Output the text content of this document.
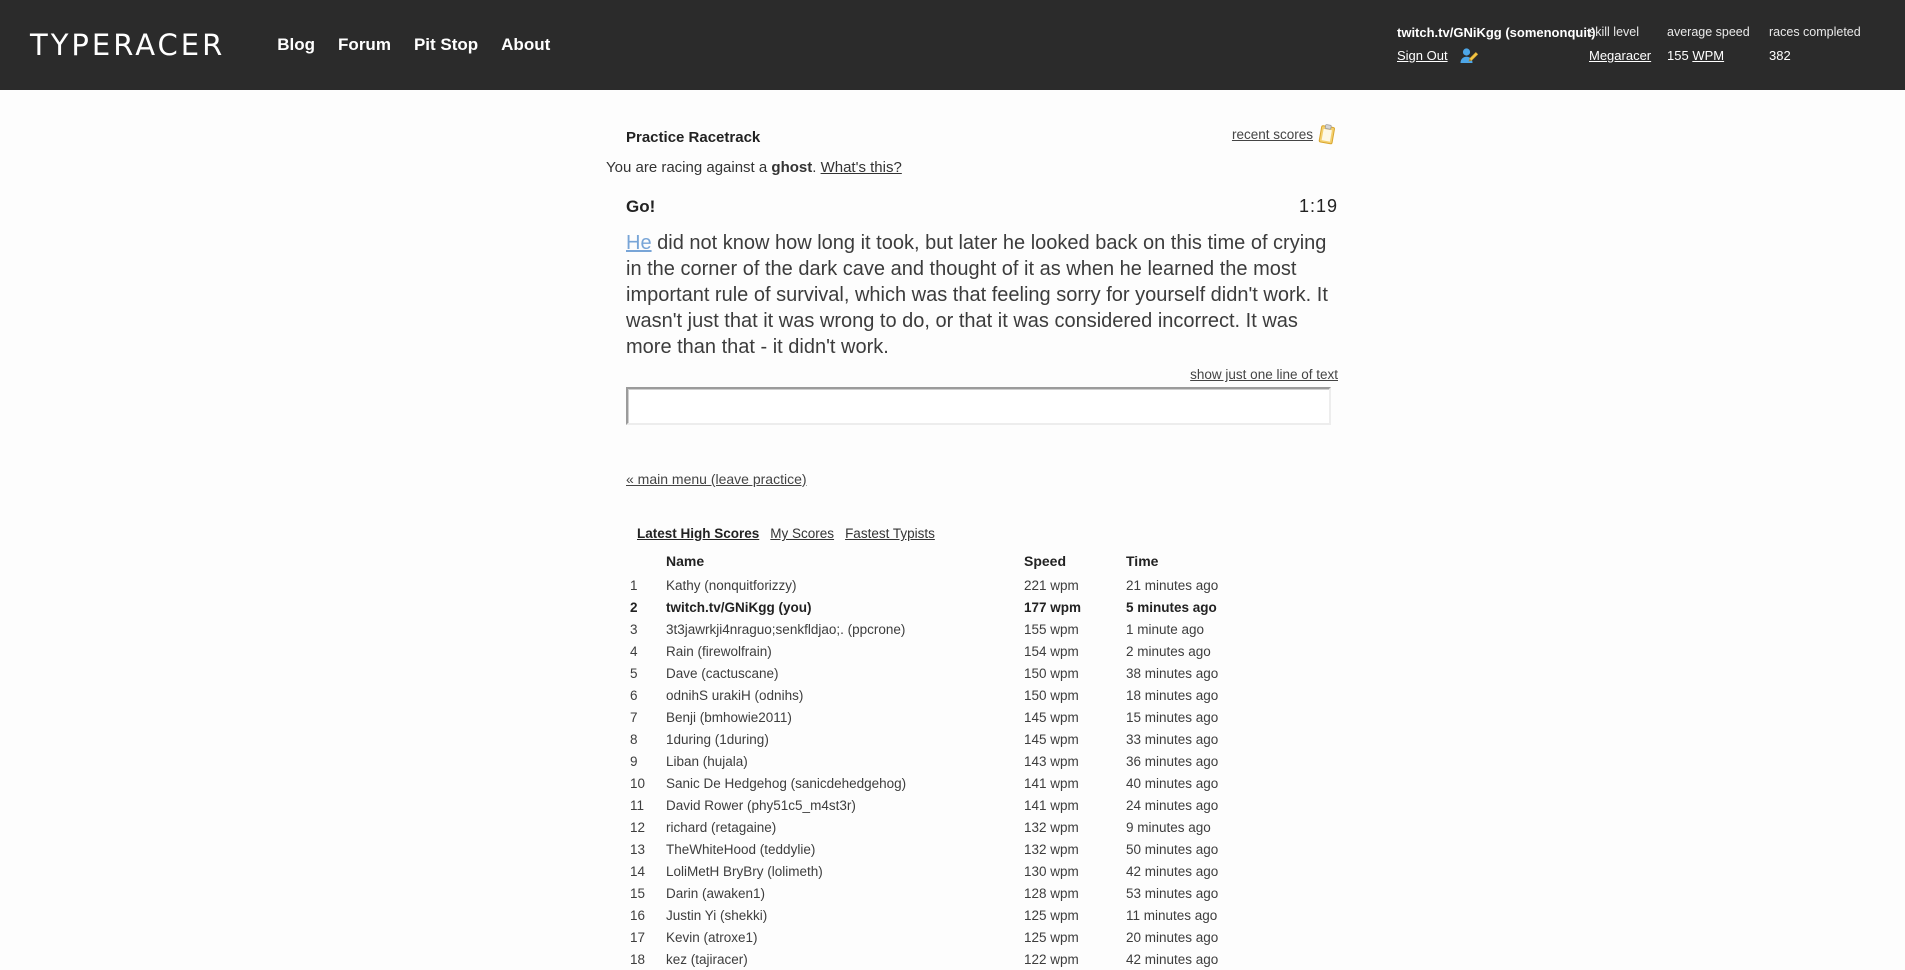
TYPERACER	Blog Forum Pit Stop About
twitch.tv/GNiKgg (somenonquit)
skill level	average speed	races completed
Sign Out	Megaracer 155 WPM	382
Practice Racetrack	recent scores
You are racing against a ghost. What's this?
Go!	1:19

He did not know how long it took, but later he looked back on this time of crying in the corner of the dark cave and thought of it as when he learned the most important rule of survival, which was that feeling sorry for yourself didn't work. It wasn't just that it was wrong to do, or that it was considered incorrect. It was more than that - it didn't work.

show just one line of text
« main menu (leave practice)
Latest High Scores My Scores Fastest Typists
	Name	Speed	Time
1	Kathy (nonquitforizzy)	221 wpm	21 minutes ago
2	twitch.tv/GNiKgg (you)	177 wpm	5 minutes ago
3	3t3jawrkji4nraguo;senkfldjao;. (ppcrone)	155 wpm	1 minute ago
4	Rain (firewolfrain)	154 wpm	2 minutes ago
5	Dave (cactuscane)	150 wpm	38 minutes ago
6	odnihS urakiH (odnihs)	150 wpm	18 minutes ago
7	Benji (bmhowie2011)	145 wpm	15 minutes ago
8	1during (1during)	145 wpm	33 minutes ago
9	Liban (hujala)	143 wpm	36 minutes ago
10	Sanic De Hedgehog (sanicdehedgehog)	141 wpm	40 minutes ago
11	David Rower (phy51c5_m4st3r)	141 wpm	24 minutes ago
12	richard (retagaine)	132 wpm	9 minutes ago
13	TheWhiteHood (teddylie)	132 wpm	50 minutes ago
14	LoliMetH BryBry (lolimeth)	130 wpm	42 minutes ago
15	Darin (awaken1)	128 wpm	53 minutes ago
16	Justin Yi (shekki)	125 wpm	11 minutes ago
17	Kevin (atroxe1)	125 wpm	20 minutes ago
18	kez (tajiracer)	122 wpm	42 minutes ago
